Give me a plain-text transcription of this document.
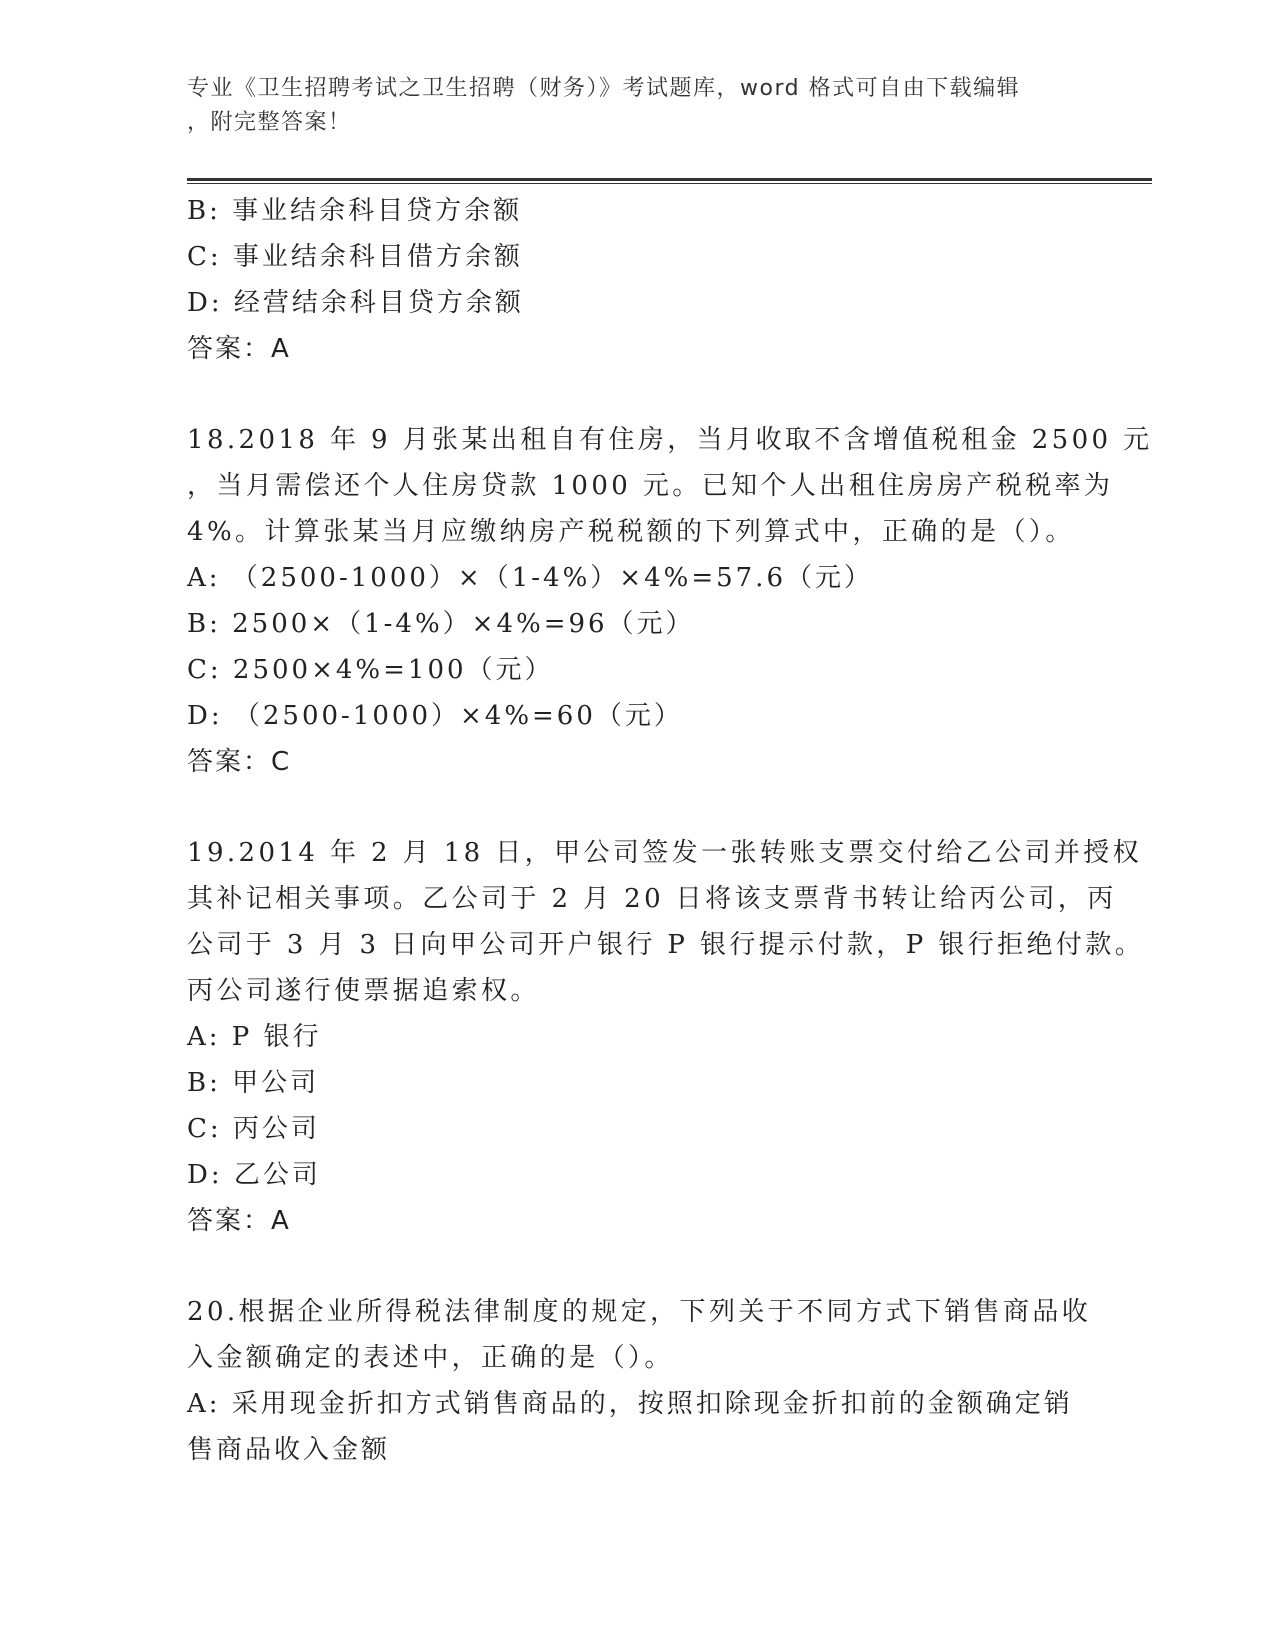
专业《卫生招聘考试之卫生招聘（财务）》考试题库，word 格式可自由下载编辑
，附完整答案！
B: 事业结余科目贷方余额
C: 事业结余科目借方余额
D: 经营结余科目贷方余额
答案：A
18.2018 年 9 月张某出租自有住房，当月收取不含增值税租金 2500 元
，当月需偿还个人住房贷款 1000 元。已知个人出租住房房产税税率为
4%。计算张某当月应缴纳房产税税额的下列算式中，正确的是（）。
A: （2500-1000）×（1-4%）×4%=57.6（元）
B: 2500×（1-4%）×4%=96（元）
C: 2500×4%=100（元）
D: （2500-1000）×4%=60（元）
答案：C
19.2014 年 2 月 18 日，甲公司签发一张转账支票交付给乙公司并授权
其补记相关事项。乙公司于 2 月 20 日将该支票背书转让给丙公司，丙
公司于 3 月 3 日向甲公司开户银行 P 银行提示付款，P 银行拒绝付款。
丙公司遂行使票据追索权。
A: P 银行
B: 甲公司
C: 丙公司
D: 乙公司
答案：A
20.根据企业所得税法律制度的规定，下列关于不同方式下销售商品收
入金额确定的表述中，正确的是（）。
A: 采用现金折扣方式销售商品的，按照扣除现金折扣前的金额确定销
售商品收入金额
